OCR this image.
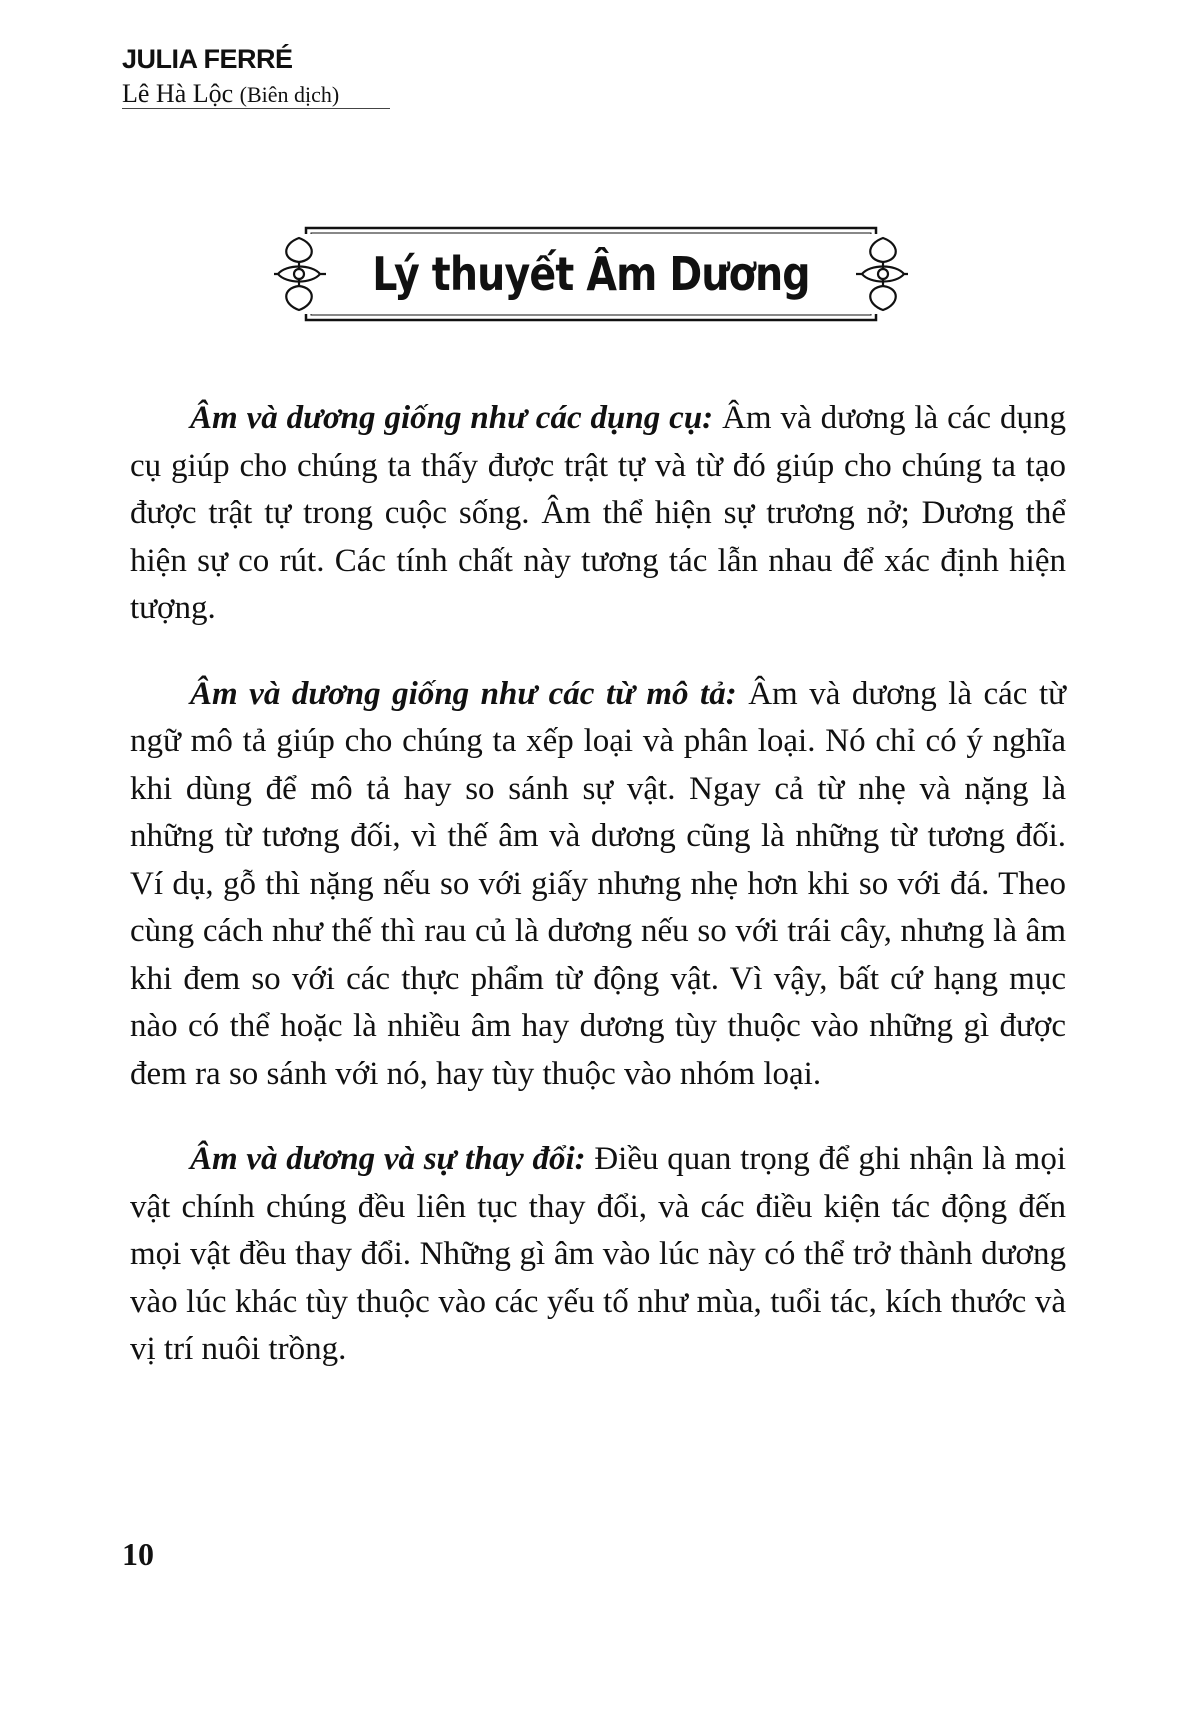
JULIA FERRÉ
Lê Hà Lộc (Biên dịch)
Lý thuyết Âm Dương

Âm và dương giống như các dụng cụ: Âm và dương là các dụng cụ giúp cho chúng ta thấy được trật tự và từ đó giúp cho chúng ta tạo được trật tự trong cuộc sống. Âm thể hiện sự trương nở; Dương thể hiện sự co rút. Các tính chất này tương tác lẫn nhau để xác định hiện tượng.

Âm và dương giống như các từ mô tả: Âm và dương là các từ ngữ mô tả giúp cho chúng ta xếp loại và phân loại. Nó chỉ có ý nghĩa khi dùng để mô tả hay so sánh sự vật. Ngay cả từ nhẹ và nặng là những từ tương đối, vì thế âm và dương cũng là những từ tương đối. Ví dụ, gỗ thì nặng nếu so với giấy nhưng nhẹ hơn khi so với đá. Theo cùng cách như thế thì rau củ là dương nếu so với trái cây, nhưng là âm khi đem so với các thực phẩm từ động vật. Vì vậy, bất cứ hạng mục nào có thể hoặc là nhiều âm hay dương tùy thuộc vào những gì được đem ra so sánh với nó, hay tùy thuộc vào nhóm loại.

Âm và dương và sự thay đổi: Điều quan trọng để ghi nhận là mọi vật chính chúng đều liên tục thay đổi, và các điều kiện tác động đến mọi vật đều thay đổi. Những gì âm vào lúc này có thể trở thành dương vào lúc khác tùy thuộc vào các yếu tố như mùa, tuổi tác, kích thước và vị trí nuôi trồng.

10
